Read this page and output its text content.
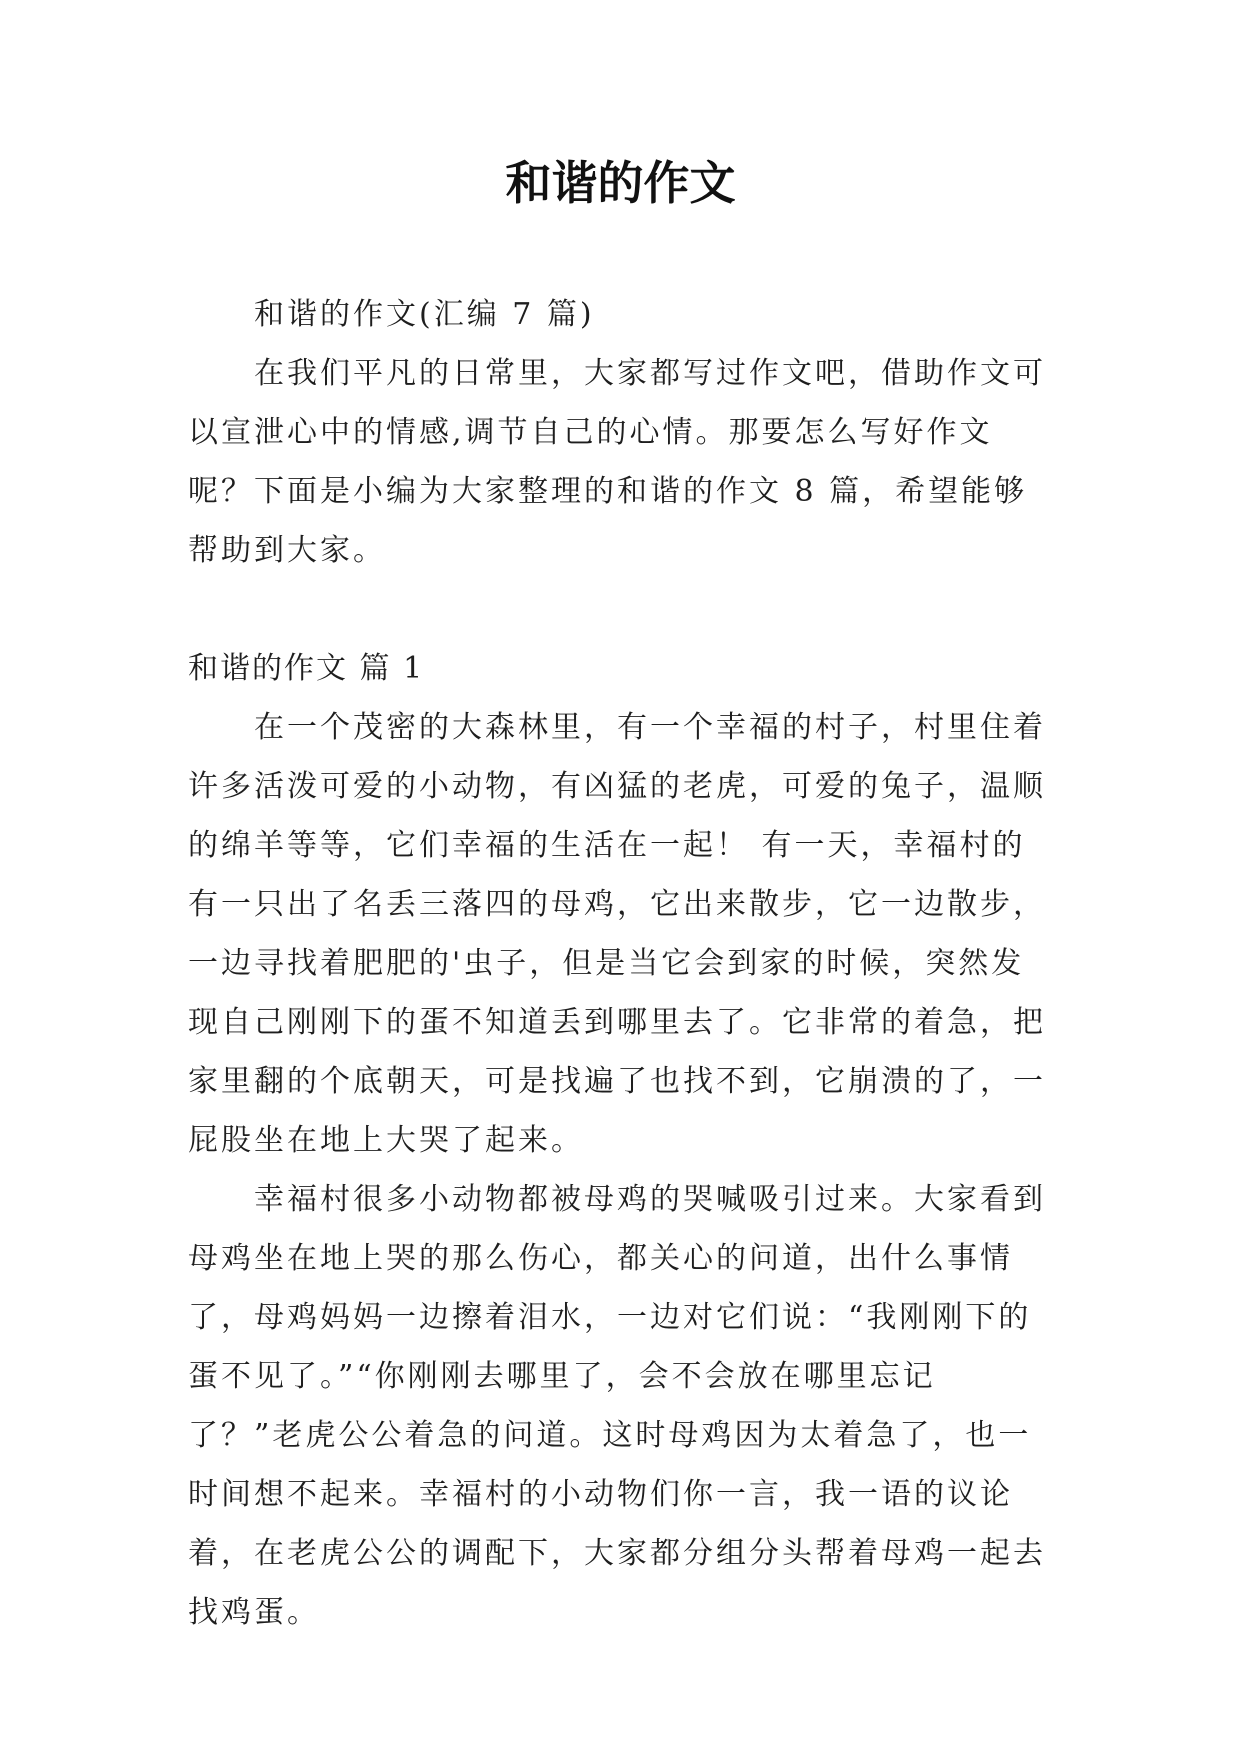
和谐的作文

和谐的作文(汇编 7 篇)

在我们平凡的日常里，大家都写过作文吧，借助作文可以宣泄心中的情感,调节自己的心情。那要怎么写好作文呢？下面是小编为大家整理的和谐的作文 8 篇，希望能够帮助到大家。

和谐的作文 篇 1

在一个茂密的大森林里，有一个幸福的村子，村里住着许多活泼可爱的小动物，有凶猛的老虎，可爱的兔子，温顺的绵羊等等，它们幸福的生活在一起！ 有一天，幸福村的有一只出了名丢三落四的母鸡，它出来散步，它一边散步，一边寻找着肥肥的'虫子，但是当它会到家的时候，突然发现自己刚刚下的蛋不知道丢到哪里去了。它非常的着急，把家里翻的个底朝天，可是找遍了也找不到，它崩溃的了，一屁股坐在地上大哭了起来。

幸福村很多小动物都被母鸡的哭喊吸引过来。大家看到母鸡坐在地上哭的那么伤心，都关心的问道，出什么事情了，母鸡妈妈一边擦着泪水，一边对它们说：“我刚刚下的蛋不见了。”“你刚刚去哪里了，会不会放在哪里忘记了？”老虎公公着急的问道。这时母鸡因为太着急了，也一时间想不起来。幸福村的小动物们你一言，我一语的议论着，在老虎公公的调配下，大家都分组分头帮着母鸡一起去找鸡蛋。
